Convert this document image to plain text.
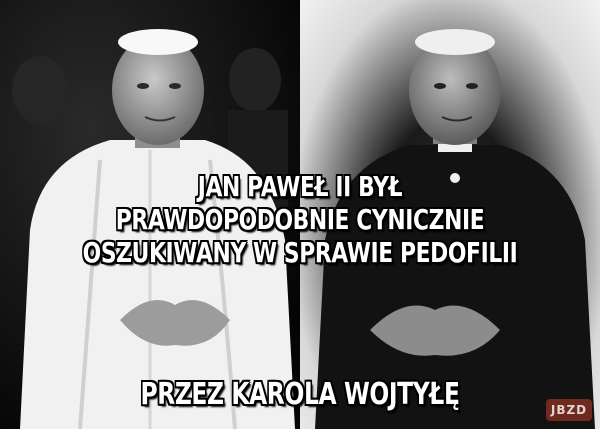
JBZD
JAN PAWEŁ II BYŁ
PRAWDOPODOBNIE CYNICZNIE
OSZUKIWANY W SPRAWIE PEDOFILII
PRZEZ KAROLA WOJTYŁĘ
